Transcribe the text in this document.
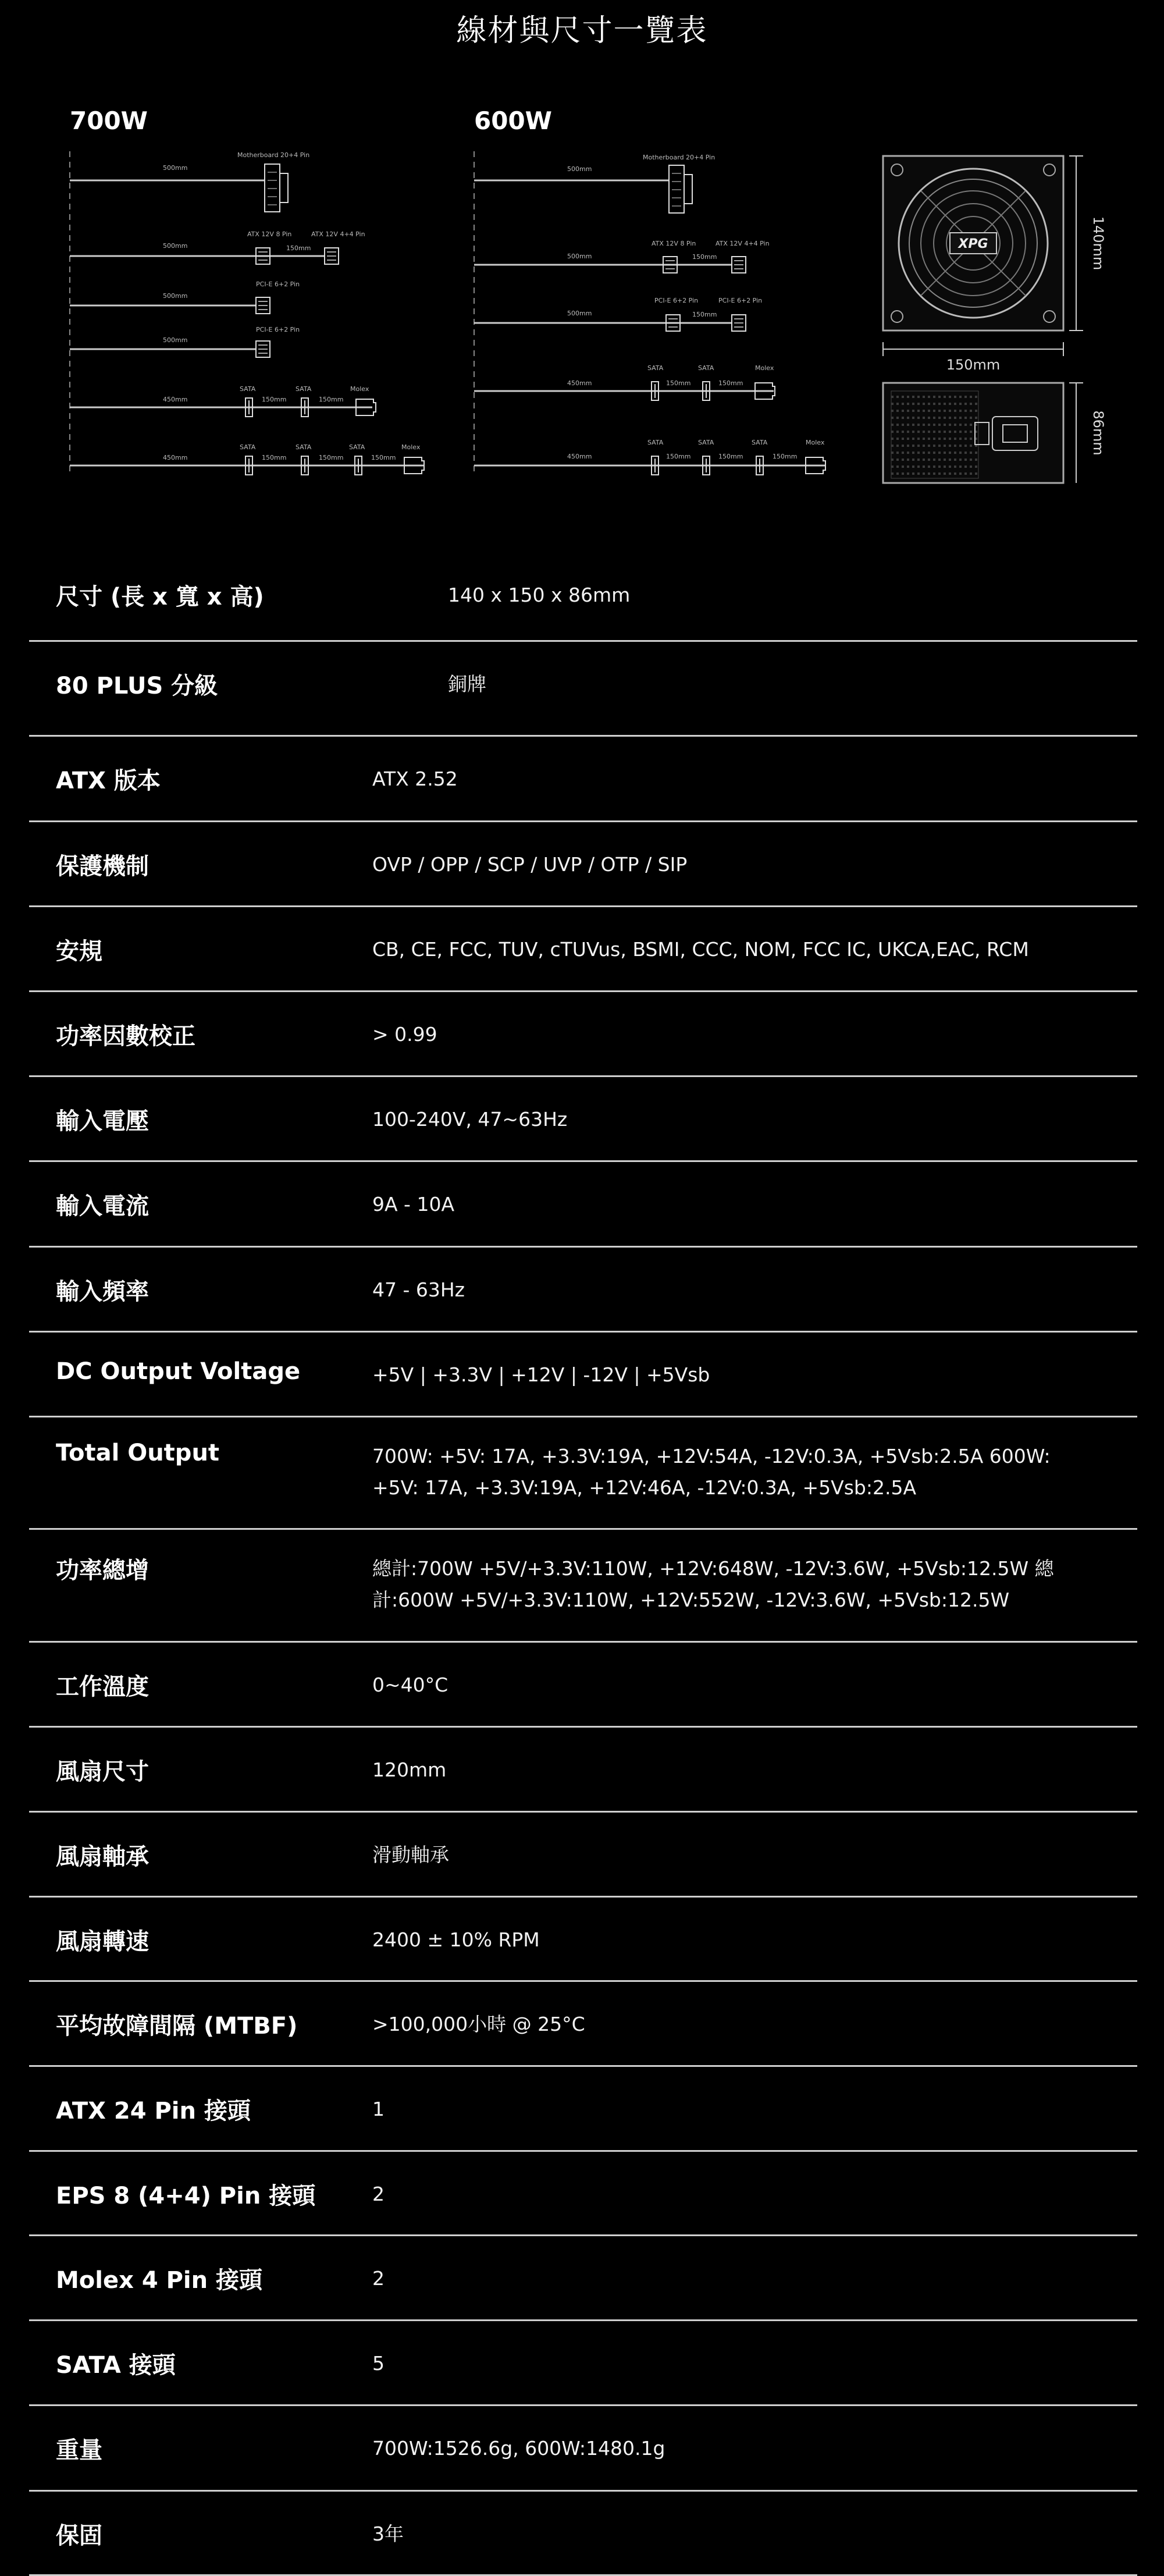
線材與尺寸一覽表
700W
500mm
Motherboard 20+4 Pin
500mm
ATX 12V 8 Pin	ATX 12V 4+4 Pin
150mm
500mm
PCI-E 6+2 Pin
500mm
PCI-E 6+2 Pin
450mm
SATA	SATA	Molex
150mm	150mm
450mm
SATA	SATA	SATA	Molex
150mm	150mm	150mm
600W
500mm
Motherboard 20+4 Pin
500mm
ATX 12V 8 Pin	ATX 12V 4+4 Pin
150mm
500mm
PCI-E 6+2 Pin	PCI-E 6+2 Pin
150mm
450mm
SATA	SATA	Molex
150mm	150mm
450mm
SATA	SATA	SATA	Molex
150mm	150mm	150mm
XPG
150mm
140mm
86mm
尺寸 (長 x 寬 x 高)	140 x 150 x 86mm
80 PLUS 分級	銅牌
ATX 版本	ATX 2.52
保護機制	OVP / OPP / SCP / UVP / OTP / SIP
安規	CB, CE, FCC, TUV, cTUVus, BSMI, CCC, NOM, FCC IC, UKCA,EAC, RCM
功率因數校正	> 0.99
輸入電壓	100-240V, 47~63Hz
輸入電流	9A - 10A
輸入頻率	47 - 63Hz
DC Output Voltage	+5V | +3.3V | +12V | -12V | +5Vsb
Total Output	700W: +5V: 17A, +3.3V:19A, +12V:54A, -12V:0.3A, +5Vsb:2.5A 600W: +5V: 17A, +3.3V:19A, +12V:46A, -12V:0.3A, +5Vsb:2.5A
功率總增	總計:700W +5V/+3.3V:110W, +12V:648W, -12V:3.6W, +5Vsb:12.5W 總計:600W +5V/+3.3V:110W, +12V:552W, -12V:3.6W, +5Vsb:12.5W
工作溫度	0~40°C
風扇尺寸	120mm
風扇軸承	滑動軸承
風扇轉速	2400 ± 10% RPM
平均故障間隔 (MTBF)	>100,000小時 @ 25°C
ATX 24 Pin 接頭	1
EPS 8 (4+4) Pin 接頭	2
Molex 4 Pin 接頭	2
SATA 接頭	5
重量	700W:1526.6g, 600W:1480.1g
保固	3年
